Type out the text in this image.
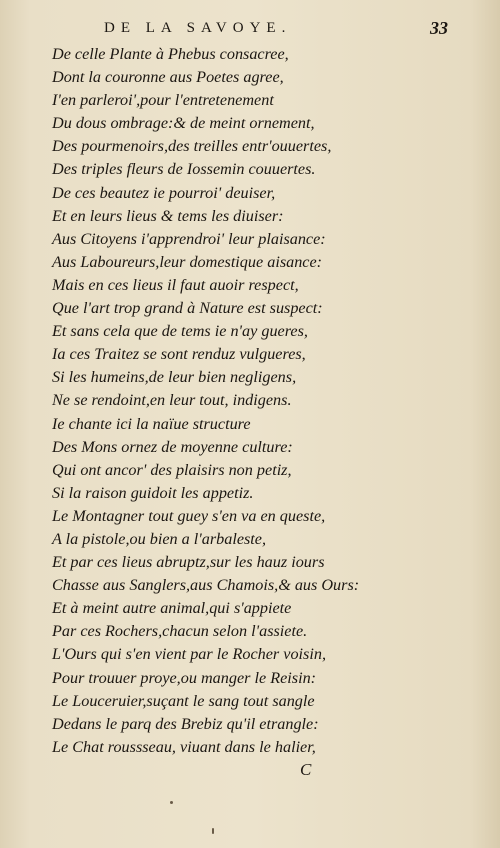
DE LA SAVOYE.	33
De celle Plante à Phebus consacree,
Dont la couronne aus Poetes agree,
I'en parleroi',pour l'entretenement
Du dous ombrage:& de meint ornement,
Des pourmenoirs,des treilles entr'ouuertes,
Des triples fleurs de Iossemin couuertes.
De ces beautez ie pourroi' deuiser,
Et en leurs lieus & tems les diuiser:
Aus Citoyens i'apprendroi' leur plaisance:
Aus Laboureurs,leur domestique aisance:
Mais en ces lieus il faut auoir respect,
Que l'art trop grand à Nature est suspect:
Et sans cela que de tems ie n'ay gueres,
Ia ces Traitez se sont renduz vulgueres,
Si les humeins,de leur bien negligens,
Ne se rendoint,en leur tout, indigens.
Ie chante ici la naïue structure
Des Mons ornez de moyenne culture:
Qui ont ancor' des plaisirs non petiz,
Si la raison guidoit les appetiz.
Le Montagner tout guey s'en va en queste,
A la pistole,ou bien a l'arbaleste,
Et par ces lieus abruptz,sur les hauz iours
Chasse aus Sanglers,aus Chamois,& aus Ours:
Et à meint autre animal,qui s'appiete
Par ces Rochers,chacun selon l'assiete.
L'Ours qui s'en vient par le Rocher voisin,
Pour trouuer proye,ou manger le Reisin:
Le Louceruier,suçant le sang tout sangle
Dedans le parq des Brebiz qu'il etrangle:
Le Chat roussseau, viuant dans le halier,
C
